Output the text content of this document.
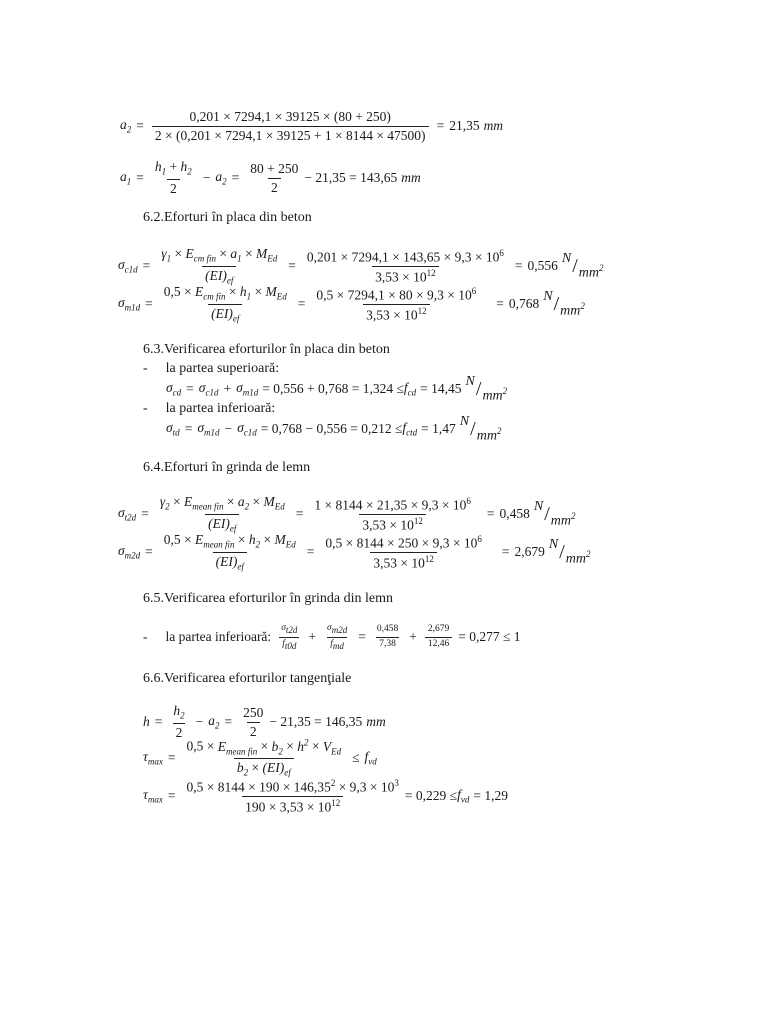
$a_2 = \frac{0,201 \times 7294,1 \times 39125 \times (80 + 250)}{2 \times (0,201 \times 7294,1 \times 39125 + 1 \times 8144 \times 47500)} = 21,35$ mm
$a_1 = \frac{h_1 + h_2}{2} - a_2 = \frac{80 + 250}{2} - 21,35 = 143,65$ mm
6.2.Eforturi în placa din beton
$\sigma_{c1d} = \frac{\gamma_1 \times E_{cm fin} \times a_1 \times M_{Ed}}{(EI)_{ef}} = \frac{0,201 \times 7294,1 \times 143,65 \times 9,3 \times 10^6}{3,53 \times 10^{12}} = 0,556$ N / $mm^2$
$\sigma_{m1d} = \frac{0,5 \times E_{cm fin} \times h_1 \times M_{Ed}}{(EI)_{ef}} = \frac{0,5 \times 7294,1 \times 80 \times 9,3 \times 10^6}{3,53 \times 10^{12}} = 0,768$ N / $mm^2$
6.3.Verificarea eforturilor în placa din beton
- la partea superioară:
$\sigma_{cd} = \sigma_{c1d} + \sigma_{m1d} = 0,556 + 0,768 = 1,324 \le f_{cd} = 14,45$ N / $mm^2$
- la partea inferioară:
$\sigma_{td} = \sigma_{m1d} - \sigma_{c1d} = 0,768 - 0,556 = 0,212 \le f_{ctd} = 1,47$ N / $mm^2$
6.4.Eforturi în grinda de lemn
$\sigma_{t2d} = \frac{\gamma_2 \times E_{mean fin} \times a_2 \times M_{Ed}}{(EI)_{ef}} = \frac{1 \times 8144 \times 21,35 \times 9,3 \times 10^6}{3,53 \times 10^{12}} = 0,458$ N / $mm^2$
$\sigma_{m2d} = \frac{0,5 \times E_{mean fin} \times h_2 \times M_{Ed}}{(EI)_{ef}} = \frac{0,5 \times 8144 \times 250 \times 9,3 \times 10^6}{3,53 \times 10^{12}} = 2,679$ N / $mm^2$
6.5.Verificarea eforturilor în grinda din lemn
- la partea inferioară: $\frac{\sigma_{t2d}}{f_{t0d}} + \frac{\sigma_{m2d}}{f_{md}} = \frac{0,458}{7,38} + \frac{2,679}{12,46} = 0,277 \le 1$
6.6.Verificarea eforturilor tangenţiale
$h = \frac{h_2}{2} - a_2 = \frac{250}{2} - 21,35 = 146,35$ mm
$\tau_{max} = \frac{0,5 \times E_{mean fin} \times b_2 \times h^2 \times V_{Ed}}{b_2 \times (EI)_{ef}} \le f_{vd}$
$\tau_{max} = \frac{0,5 \times 8144 \times 190 \times 146,35^2 \times 9,3 \times 10^3}{190 \times 3,53 \times 10^{12}} = 0,229 \le f_{vd} = 1,29$
